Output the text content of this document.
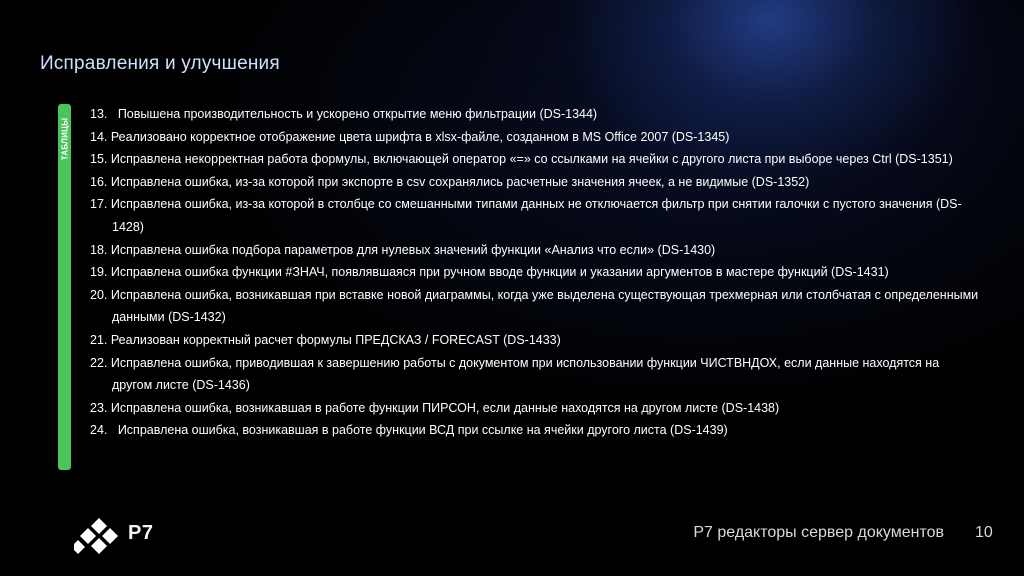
Исправления и улучшения
ТАБЛИЦЫ
13.   Повышена производительность и ускорено открытие меню фильтрации (DS-1344)
14. Реализовано корректное отображение цвета шрифта в xlsx-файле, созданном в MS Office 2007 (DS-1345)
15. Исправлена некорректная работа формулы, включающей оператор «=» со ссылками на ячейки с другого листа при выборе через Ctrl (DS-1351)
16. Исправлена ошибка, из-за которой при экспорте в csv сохранялись расчетные значения ячеек, а не видимые (DS-1352)
17. Исправлена ошибка, из-за которой в столбце со смешанными типами данных не отключается фильтр при снятии галочки с пустого значения (DS-1428)
18. Исправлена ошибка подбора параметров для нулевых значений функции «Анализ что если» (DS-1430)
19. Исправлена ошибка функции #ЗНАЧ, появлявшаяся при ручном вводе функции и указании аргументов в мастере функций (DS-1431)
20. Исправлена ошибка, возникавшая при вставке новой диаграммы, когда уже выделена существующая трехмерная или столбчатая с определенными данными (DS-1432)
21. Реализован корректный расчет формулы ПРЕДСКАЗ / FORECAST (DS-1433)
22. Исправлена ошибка, приводившая к завершению работы с документом при использовании функции ЧИСТВНДОХ, если данные находятся на другом листе (DS-1436)
23. Исправлена ошибка, возникавшая в работе функции ПИРСОН, если данные находятся на другом листе (DS-1438)
24.   Исправлена ошибка, возникавшая в работе функции ВСД при ссылке на ячейки другого листа (DS-1439)
Р7	Р7 редакторы сервер документов 10
